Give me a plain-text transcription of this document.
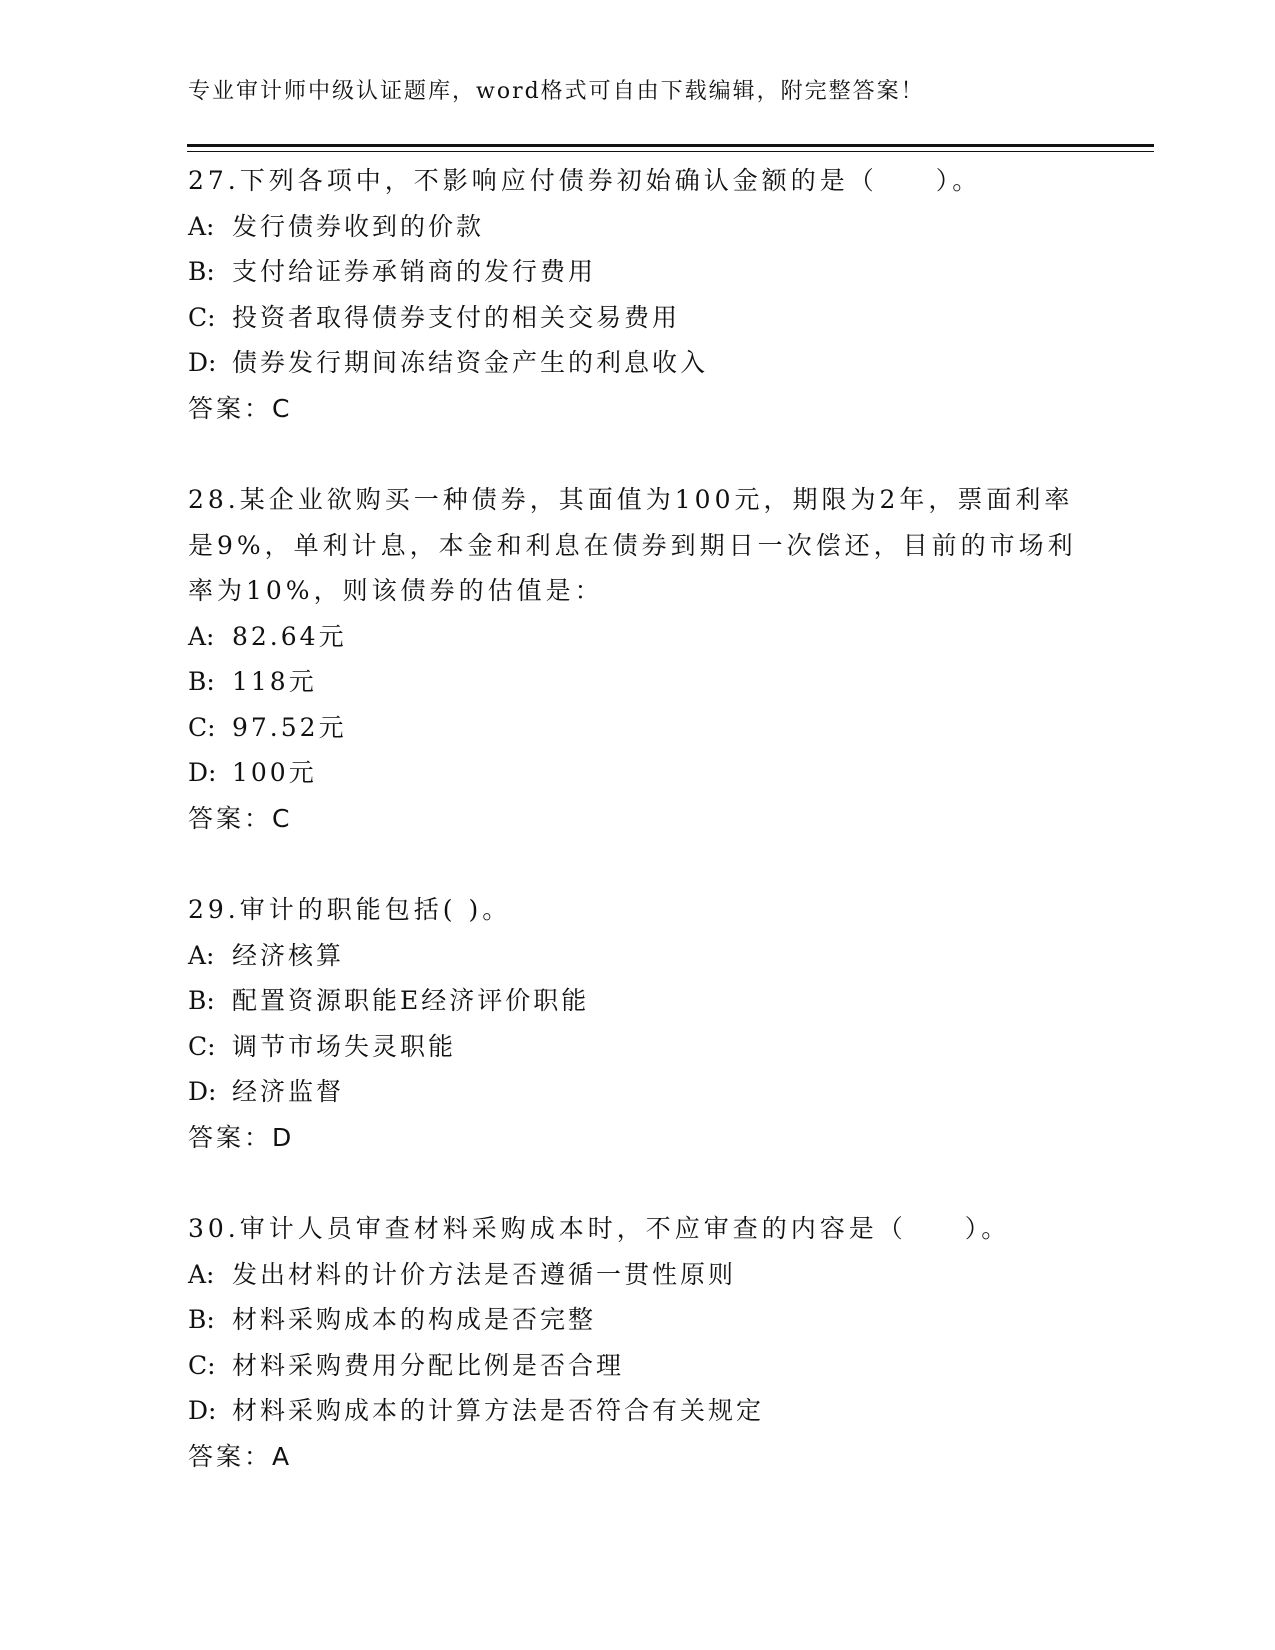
专业审计师中级认证题库，word格式可自由下载编辑，附完整答案！
27.下列各项中，不影响应付债券初始确认金额的是（　　）。
A: 发行债券收到的价款
B: 支付给证券承销商的发行费用
C: 投资者取得债券支付的相关交易费用
D: 债券发行期间冻结资金产生的利息收入
答案：C
28.某企业欲购买一种债券，其面值为100元，期限为2年，票面利率
是9%，单利计息，本金和利息在债券到期日一次偿还，目前的市场利
率为10%，则该债券的估值是：
A: 82.64元
B: 118元
C: 97.52元
D: 100元
答案：C
29.审计的职能包括( )。
A: 经济核算
B: 配置资源职能E经济评价职能
C: 调节市场失灵职能
D: 经济监督
答案：D
30.审计人员审查材料采购成本时，不应审查的内容是（　　）。
A: 发出材料的计价方法是否遵循一贯性原则
B: 材料采购成本的构成是否完整
C: 材料采购费用分配比例是否合理
D: 材料采购成本的计算方法是否符合有关规定
答案：A
